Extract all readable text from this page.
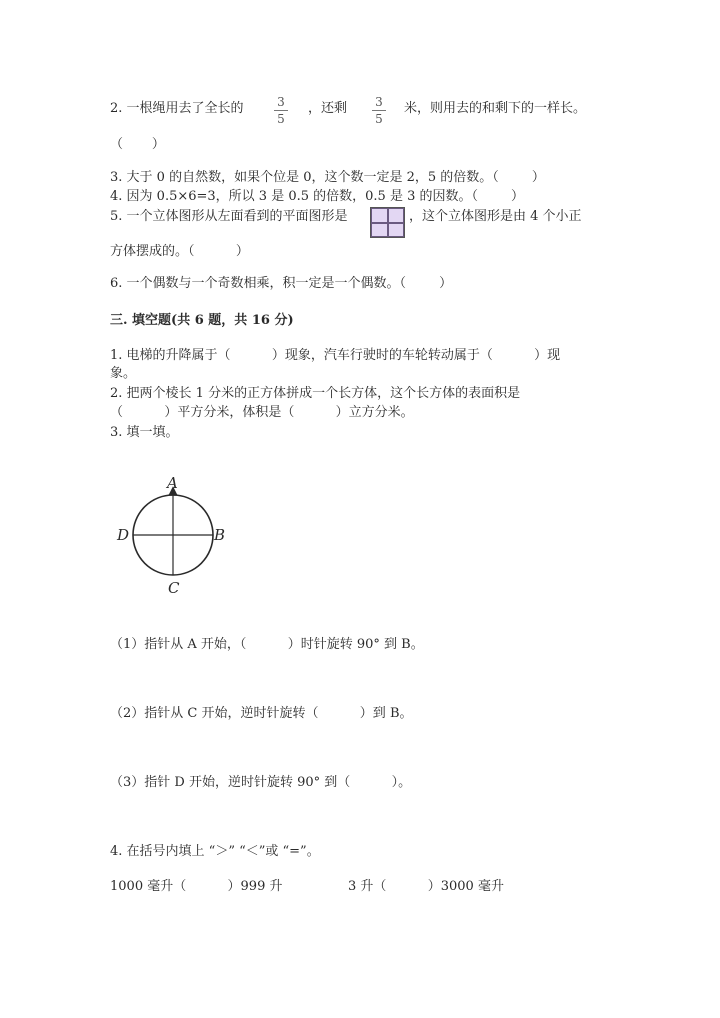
2. 一根绳用去了全长的	3
5
，还剩 3
5
米，则用去的和剩下的一样长。
（       ）
3. 大于 0 的自然数，如果个位是 0，这个数一定是 2，5 的倍数。（        ）
4. 因为 0.5×6=3，所以 3 是 0.5 的倍数，0.5 是 3 的因数。（        ）
5. 一个立体图形从左面看到的平面图形是	，这个立体图形是由 4 个小正
方体摆成的。（          ）
6. 一个偶数与一个奇数相乘，积一定是一个偶数。（        ）
三. 填空题(共 6 题，共 16 分)
1. 电梯的升降属于（          ）现象，汽车行驶时的车轮转动属于（          ）现
象。
2. 把两个棱长 1 分米的正方体拼成一个长方体，这个长方体的表面积是
（          ）平方分米，体积是（          ）立方分米。
3. 填一填。
A
B
C
D
（1）指针从 A 开始，（          ）时针旋转 90° 到 B。
（2）指针从 C 开始，逆时针旋转（          ）到 B。
（3）指针 D 开始，逆时针旋转 90° 到（          ）。
4. 在括号内填上 “＞” “＜”或 “=”。
1000 毫升（          ）999 升	3 升（          ）3000 毫升
